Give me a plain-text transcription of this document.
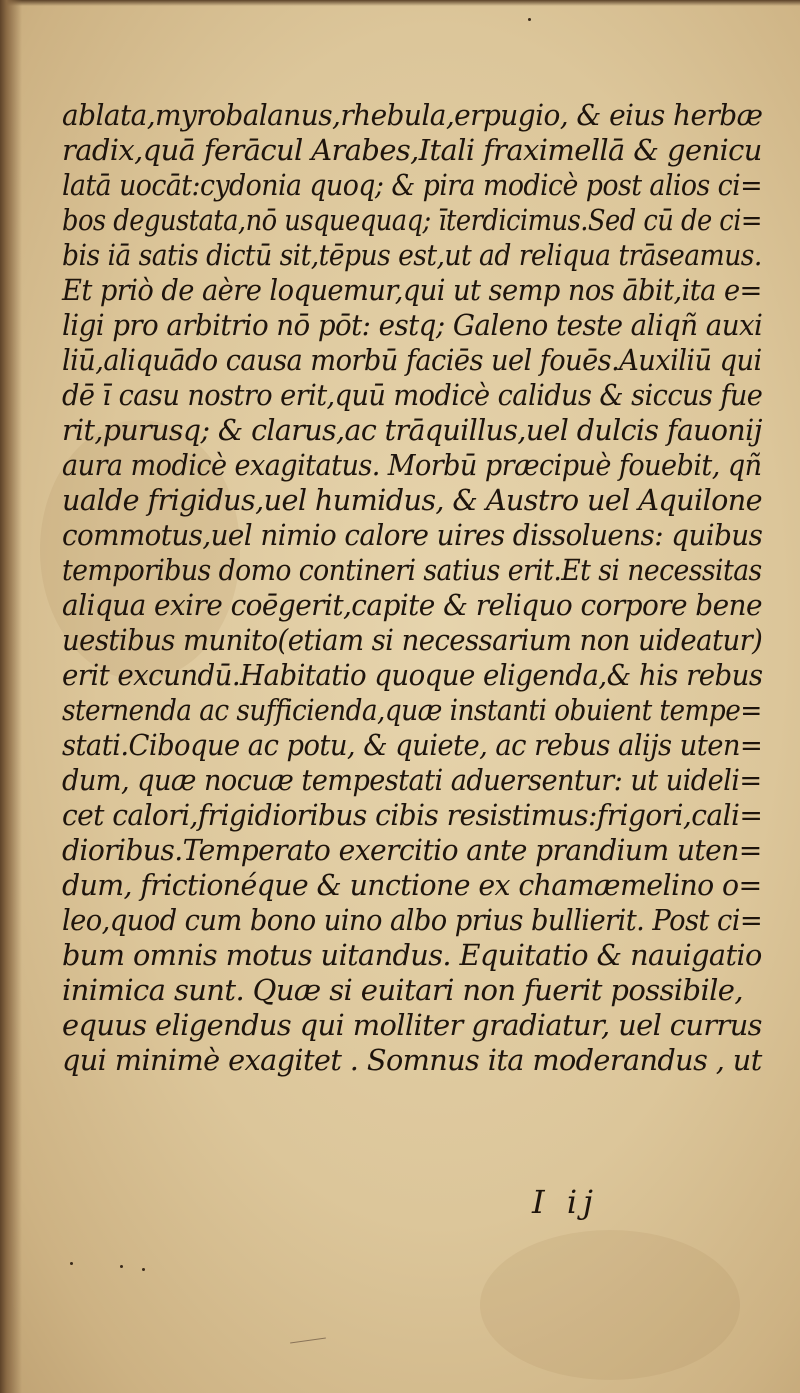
ablata,myrobalanus,rhebula,erpugio, & eius herbæ
radix,quā ferācul Arabes,Itali fraximellā & genicu
latā uocāt:cydonia quoq; & pira modicè post alios ci=
bos degustata,nō usquequaq; īterdicimus.Sed cū de ci=
bis iā satis dictū sit,tēpus est,ut ad reliqua trāseamus.
Et priò de aère loquemur,qui ut semp nos ābit,ita e=
ligi pro arbitrio nō pōt: estq; Galeno teste aliqñ auxi
liū,aliquādo causa morbū faciēs uel fouēs.Auxiliū qui
dē ī casu nostro erit,quū modicè calidus & siccus fue
rit,purusq; & clarus,ac trāquillus,uel dulcis fauonij
aura modicè exagitatus. Morbū præcipuè fouebit, qñ
ualde frigidus,uel humidus, & Austro uel Aquilone
commotus,uel nimio calore uires dissoluens: quibus
temporibus domo contineri satius erit.Et si necessitas
aliqua exire coēgerit,capite & reliquo corpore bene
uestibus munito(etiam si necessarium non uideatur)
erit excundū.Habitatio quoque eligenda,& his rebus
sternenda ac sufficienda,quæ instanti obuient tempe=
stati.Ciboque ac potu, & quiete, ac rebus alijs uten=
dum, quæ nocuæ tempestati aduersentur: ut uideli=
cet calori,frigidioribus cibis resistimus:frigori,cali=
dioribus.Temperato exercitio ante prandium uten=
dum, frictionéque & unctione ex chamæmelino o=
leo,quod cum bono uino albo prius bullierit. Post ci=
bum omnis motus uitandus. Equitatio & nauigatio
inimica sunt. Quæ si euitari non fuerit possibile,
equus eligendus qui molliter gradiatur, uel currus
qui minimè exagitet . Somnus ita moderandus , ut
I ij
